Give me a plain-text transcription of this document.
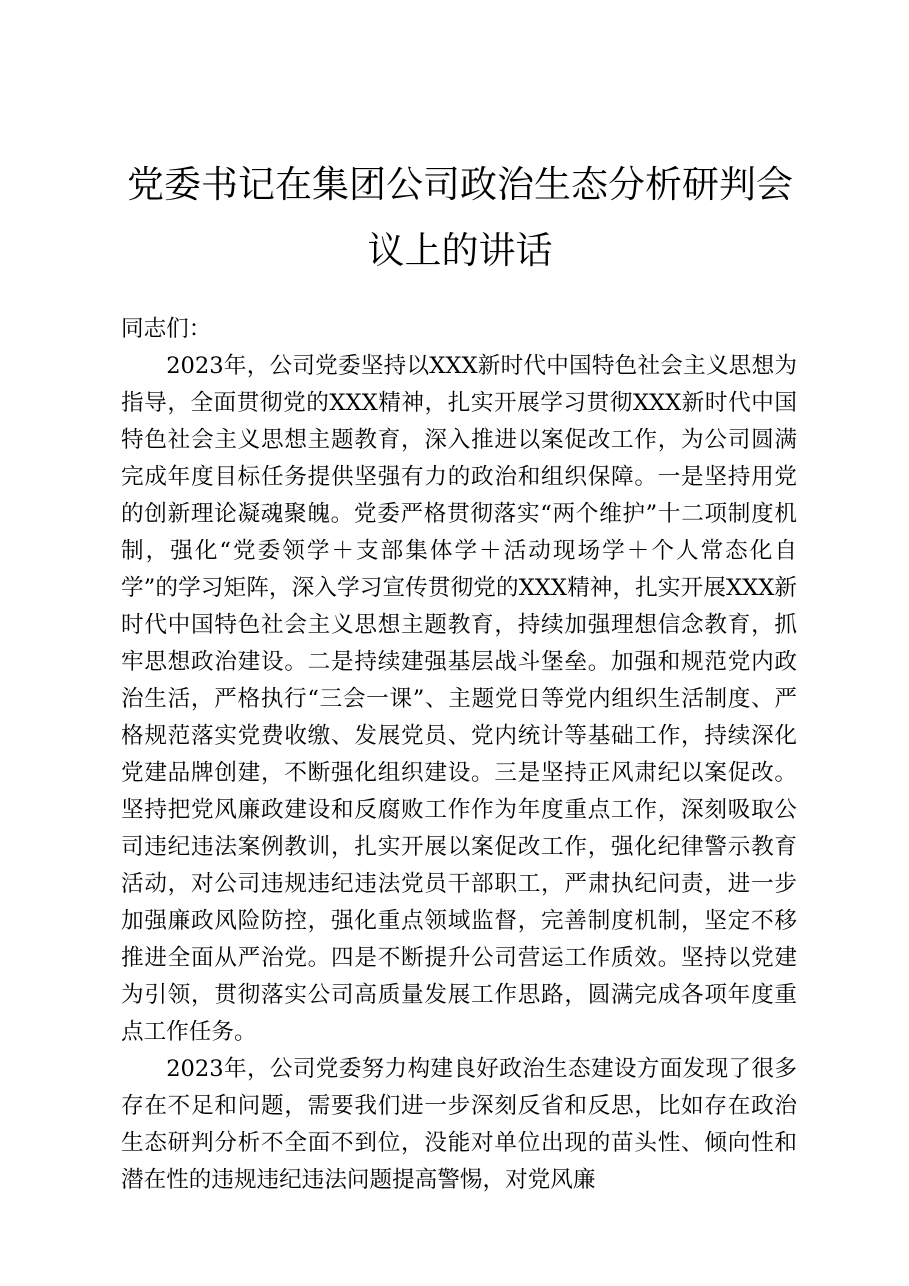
党委书记在集团公司政治生态分析研判会议上的讲话

同志们：

2023年，公司党委坚持以XXX新时代中国特色社会主义思想为指导，全面贯彻党的XXX精神，扎实开展学习贯彻XXX新时代中国特色社会主义思想主题教育，深入推进以案促改工作，为公司圆满完成年度目标任务提供坚强有力的政治和组织保障。一是坚持用党的创新理论凝魂聚魄。党委严格贯彻落实“两个维护”十二项制度机制，强化“党委领学＋支部集体学＋活动现场学＋个人常态化自学”的学习矩阵，深入学习宣传贯彻党的XXX精神，扎实开展XXX新时代中国特色社会主义思想主题教育，持续加强理想信念教育，抓牢思想政治建设。二是持续建强基层战斗堡垒。加强和规范党内政治生活，严格执行“三会一课”、主题党日等党内组织生活制度、严格规范落实党费收缴、发展党员、党内统计等基础工作，持续深化党建品牌创建，不断强化组织建设。三是坚持正风肃纪以案促改。坚持把党风廉政建设和反腐败工作作为年度重点工作，深刻吸取公司违纪违法案例教训，扎实开展以案促改工作，强化纪律警示教育活动，对公司违规违纪违法党员干部职工，严肃执纪问责，进一步加强廉政风险防控，强化重点领域监督，完善制度机制，坚定不移推进全面从严治党。四是不断提升公司营运工作质效。坚持以党建为引领，贯彻落实公司高质量发展工作思路，圆满完成各项年度重点工作任务。

2023年，公司党委努力构建良好政治生态建设方面发现了很多存在不足和问题，需要我们进一步深刻反省和反思，比如存在政治生态研判分析不全面不到位，没能对单位出现的苗头性、倾向性和潜在性的违规违纪违法问题提高警惕，对党风廉
